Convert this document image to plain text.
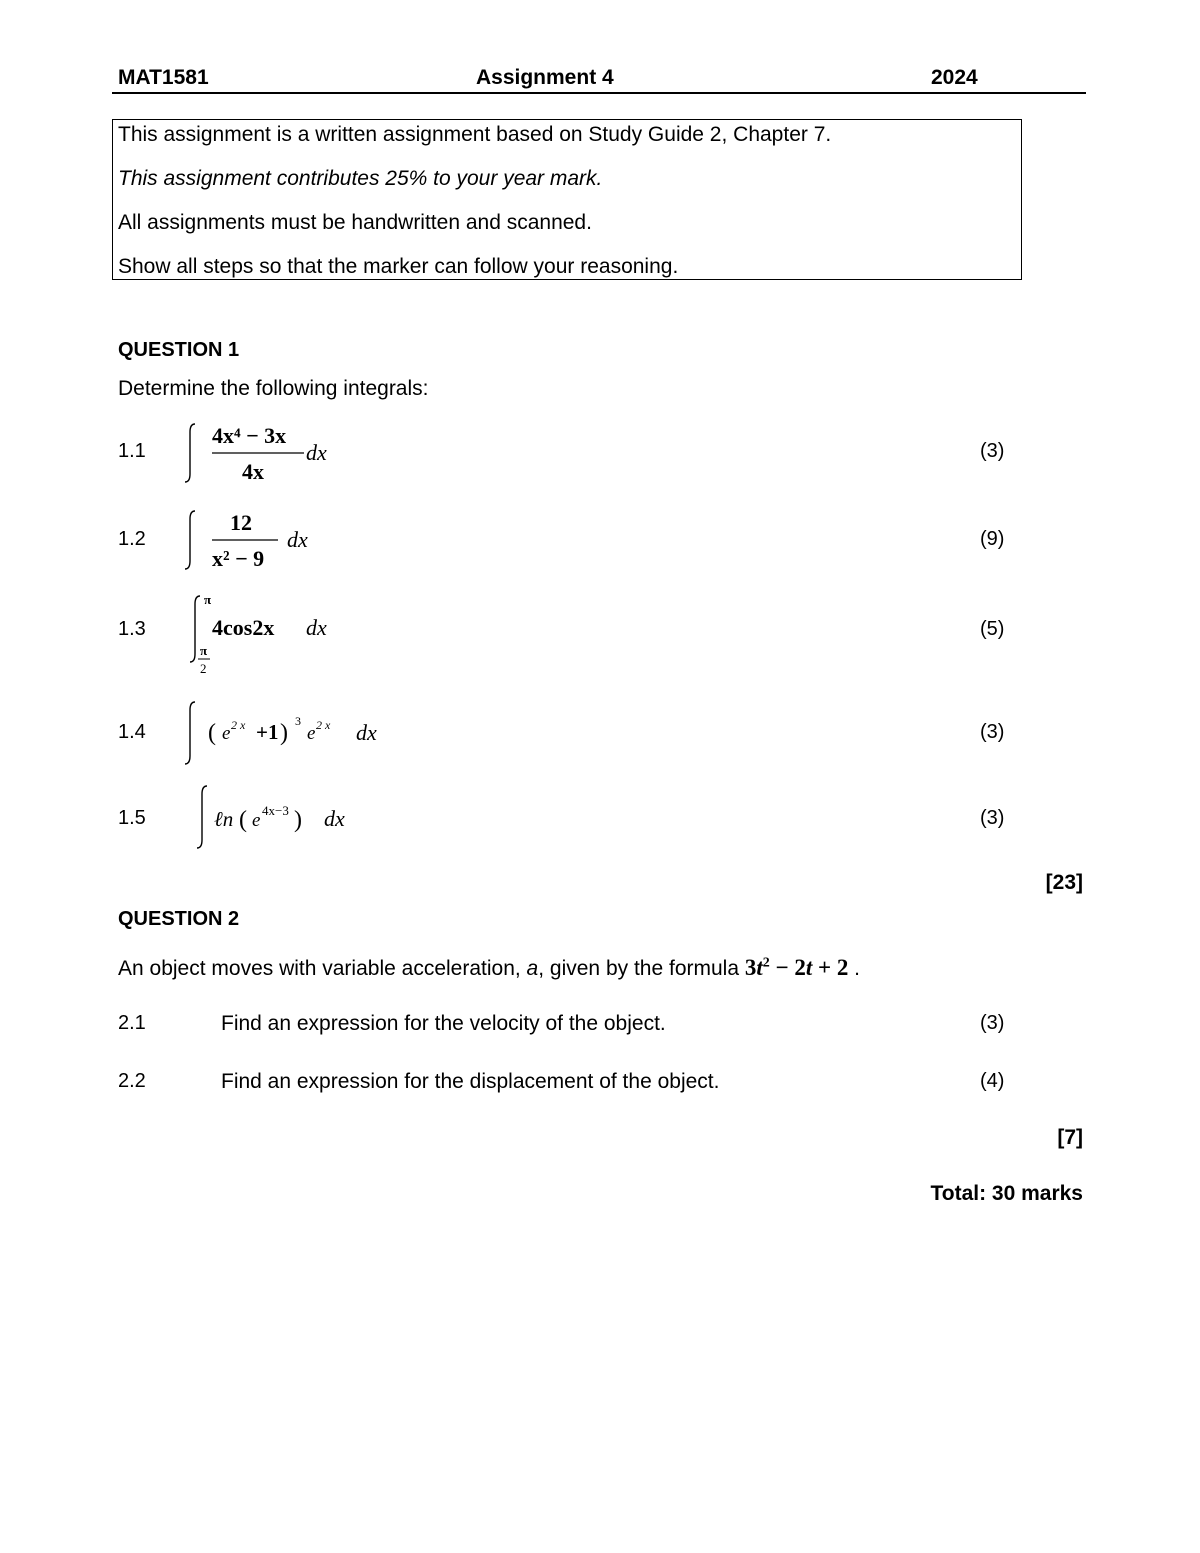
MAT1581	Assignment 4	2024
This assignment is a written assignment based on Study Guide 2, Chapter 7.
This assignment contributes 25% to your year mark.
All assignments must be handwritten and scanned.
Show all steps so that the marker can follow your reasoning.
QUESTION 1
Determine the following integrals:
1.1
4x⁴ − 3x
4x
dx	(3)
1.2
12
x² − 9
dx	(9)
1.3
π
π
2
4cos2x dx	(5)
1.4	( e 2 x +1 ) 3
e 2 x dx	(3)
1.5	ℓn ( e 4x−3 ) dx	(3)
[23]
QUESTION 2
An object moves with variable acceleration, a, given by the formula $3t^2 - 2t + 2$ .
2.1	Find an expression for the velocity of the object.	(3)
2.2	Find an expression for the displacement of the object.	(4)
[7]
Total: 30 marks
